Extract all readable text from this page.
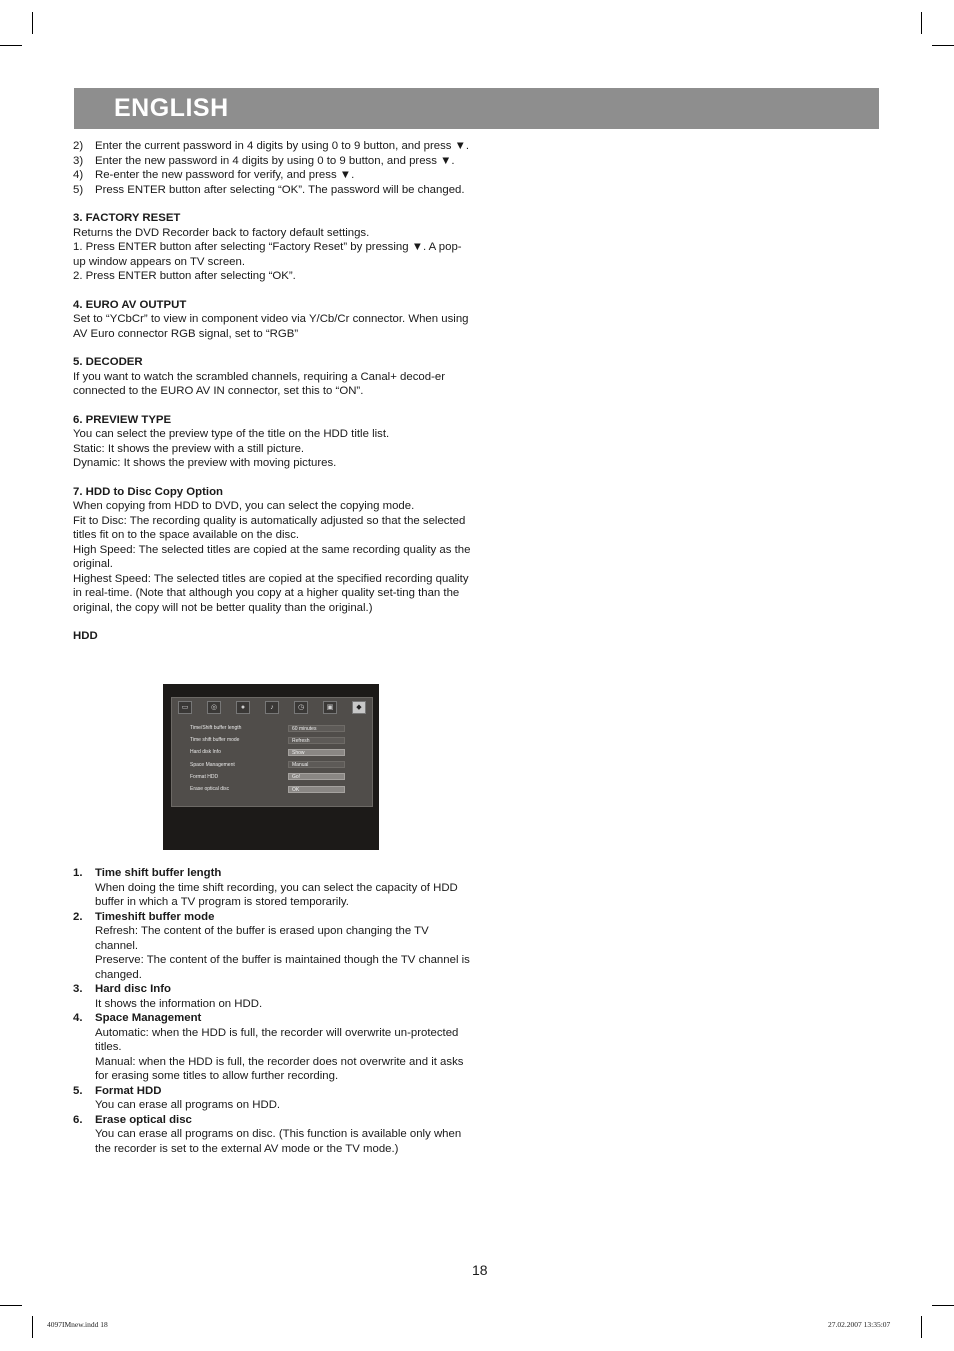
ENGLISH
2)	Enter the current password in 4 digits by using 0 to 9 button, and press ▼.
3)	Enter the new password in 4 digits by using 0 to 9 button, and press ▼.
4)	Re-enter the new password for verify, and press ▼.
5)	Press ENTER button after selecting “OK”. The password will be changed.
3. FACTORY RESET

Returns the DVD Recorder back to factory default settings.

1. Press ENTER button after selecting “Factory Reset” by pressing ▼. A pop-up window appears on TV screen.

2. Press ENTER button after selecting “OK”.

4. EURO AV OUTPUT

Set to “YCbCr” to view in component video via Y/Cb/Cr connector. When using AV Euro connector RGB signal, set to “RGB”

5. DECODER

If you want to watch the scrambled channels, requiring a Canal+ decod-er connected to the EURO AV IN connector, set this to “ON”.

6. PREVIEW TYPE

You can select the preview type of the title on the HDD title list.

Static: It shows the preview with a still picture.

Dynamic: It shows the preview with moving pictures.

7. HDD to Disc Copy Option

When copying from HDD to DVD, you can select the copying mode.

Fit to Disc: The recording quality is automatically adjusted so that the selected titles fit on to the space available on the disc.

High Speed: The selected titles are copied at the same recording quality as the original.

Highest Speed: The selected titles are copied at the specified recording quality in real-time. (Note that although you copy at a higher quality set-ting than the original, the copy will not be better quality than the original.)

HDD
▭	◎	●	♪	◷	▣	◆
Time/Shift buffer length	60 minutes
Time shift buffer mode	Refresh
Hard disk Info	Show
Space Management	Manual
Format HDD	Go!
Erase optical disc	OK
1.	Time shift buffer length
When doing the time shift recording, you can select the capacity of HDD buffer in which a TV program is stored temporarily.
2.	Timeshift buffer mode
Refresh: The content of the buffer is erased upon changing the TV channel.
Preserve: The content of the buffer is maintained though the TV channel is changed.
3.	Hard disc Info
It shows the information on HDD.
4.	Space Management
Automatic: when the HDD is full, the recorder will overwrite un-protected titles.
Manual: when the HDD is full, the recorder does not overwrite and it asks for erasing some titles to allow further recording.
5.	Format HDD
You can erase all programs on HDD.
6.	Erase optical disc
You can erase all programs on disc. (This function is available only when the recorder is set to the external AV mode or the TV mode.)
18
4097IMnew.indd 18	27.02.2007 13:35:07
